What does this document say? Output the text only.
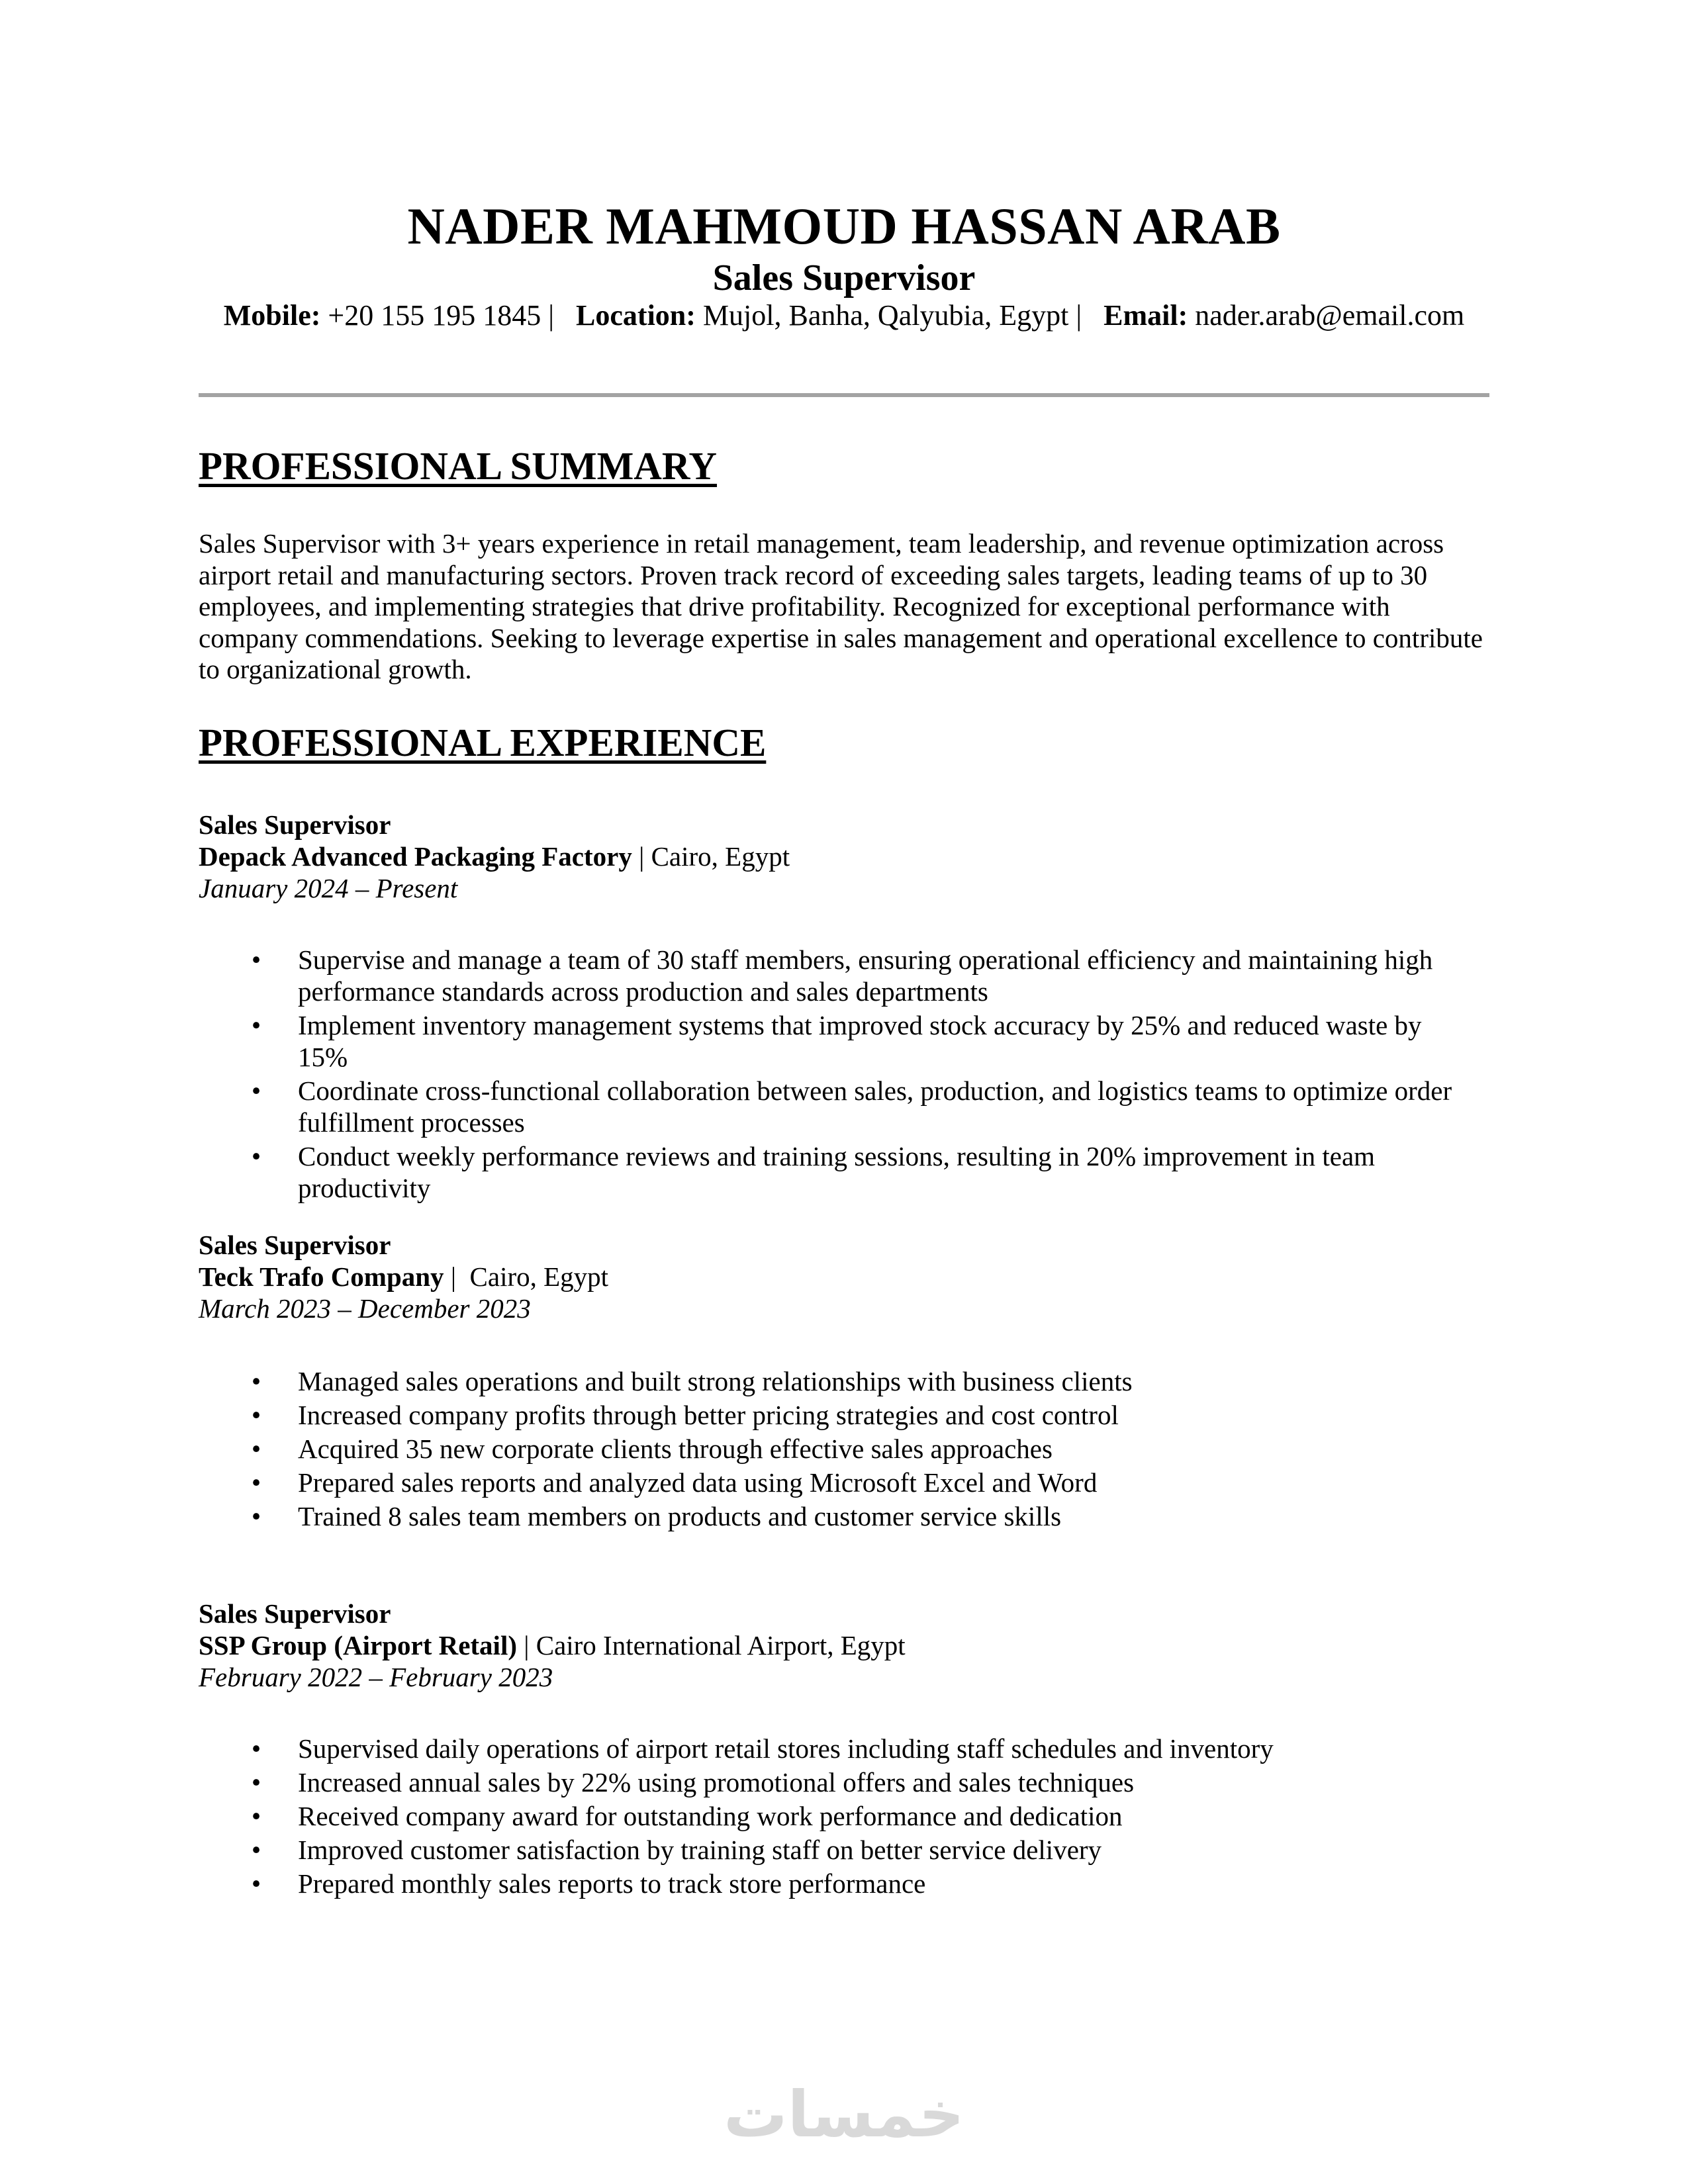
NADER MAHMOUD HASSAN ARAB
Sales Supervisor
Mobile: +20 155 195 1845 |   Location: Mujol, Banha, Qalyubia, Egypt |   Email: nader.arab@email.com
PROFESSIONAL SUMMARY
Sales Supervisor with 3+ years experience in retail management, team leadership, and revenue optimization across airport retail and manufacturing sectors. Proven track record of exceeding sales targets, leading teams of up to 30 employees, and implementing strategies that drive profitability. Recognized for exceptional performance with company commendations. Seeking to leverage expertise in sales management and operational excellence to contribute to organizational growth.
PROFESSIONAL EXPERIENCE
Sales Supervisor
Depack Advanced Packaging Factory | Cairo, Egypt
January 2024 – Present
• Supervise and manage a team of 30 staff members, ensuring operational efficiency and maintaining high performance standards across production and sales departments
• Implement inventory management systems that improved stock accuracy by 25% and reduced waste by 15%
• Coordinate cross-functional collaboration between sales, production, and logistics teams to optimize order fulfillment processes
• Conduct weekly performance reviews and training sessions, resulting in 20% improvement in team productivity
Sales Supervisor
Teck Trafo Company |  Cairo, Egypt
March 2023 – December 2023
• Managed sales operations and built strong relationships with business clients
• Increased company profits through better pricing strategies and cost control
• Acquired 35 new corporate clients through effective sales approaches
• Prepared sales reports and analyzed data using Microsoft Excel and Word
• Trained 8 sales team members on products and customer service skills
Sales Supervisor
SSP Group (Airport Retail) | Cairo International Airport, Egypt
February 2022 – February 2023
• Supervised daily operations of airport retail stores including staff schedules and inventory
• Increased annual sales by 22% using promotional offers and sales techniques
• Received company award for outstanding work performance and dedication
• Improved customer satisfaction by training staff on better service delivery
• Prepared monthly sales reports to track store performance
خمسات
